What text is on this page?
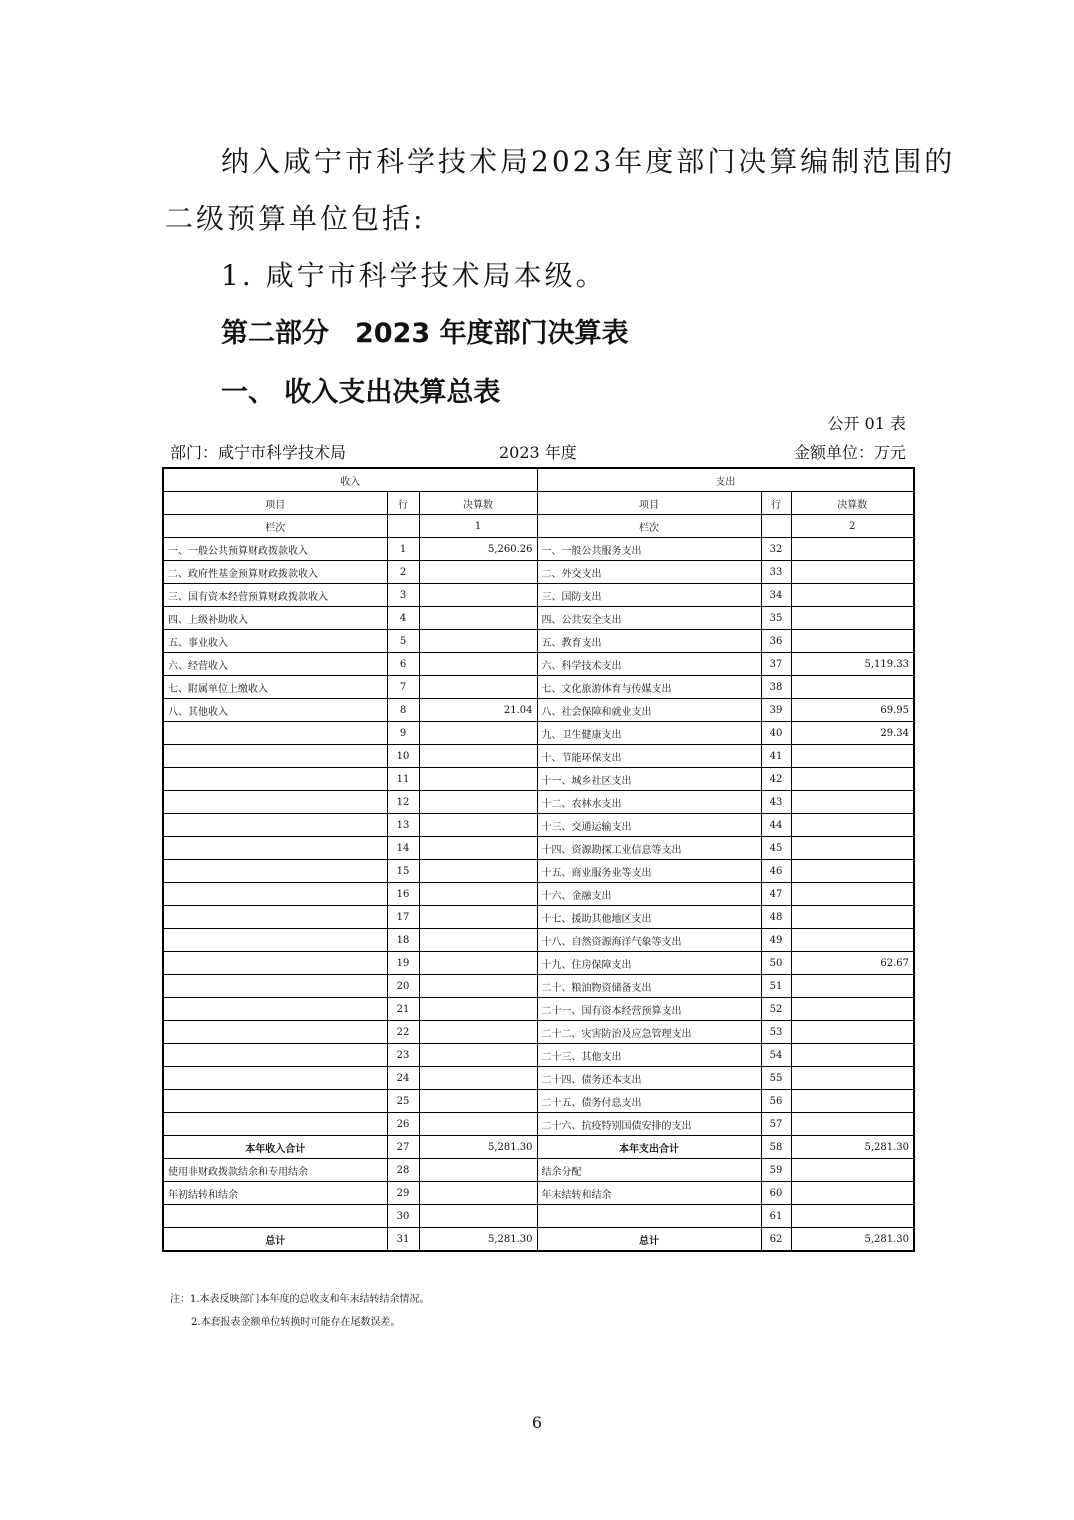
纳入咸宁市科学技术局2023年度部门决算编制范围的
二级预算单位包括:
1. 咸宁市科学技术局本级。
第二部分 2023 年度部门决算表
一、 收入支出决算总表
公开 01 表
部门：咸宁市科学技术局	2023 年度	金额单位：万元
收入			支出		
项目	行	决算数	项目	行	决算数
栏次		1	栏次		2
一、一般公共预算财政拨款收入	1	5,260.26	一、一般公共服务支出	32	
二、政府性基金预算财政拨款收入	2		二、外交支出	33	
三、国有资本经营预算财政拨款收入	3		三、国防支出	34	
四、上级补助收入	4		四、公共安全支出	35	
五、事业收入	5		五、教育支出	36	
六、经营收入	6		六、科学技术支出	37	5,119.33
七、附属单位上缴收入	7		七、文化旅游体育与传媒支出	38	
八、其他收入	8	21.04	八、社会保障和就业支出	39	69.95
	9		九、卫生健康支出	40	29.34
	10		十、节能环保支出	41	
	11		十一、城乡社区支出	42	
	12		十二、农林水支出	43	
	13		十三、交通运输支出	44	
	14		十四、资源勘探工业信息等支出	45	
	15		十五、商业服务业等支出	46	
	16		十六、金融支出	47	
	17		十七、援助其他地区支出	48	
	18		十八、自然资源海洋气象等支出	49	
	19		十九、住房保障支出	50	62.67
	20		二十、粮油物资储备支出	51	
	21		二十一、国有资本经营预算支出	52	
	22		二十二、灾害防治及应急管理支出	53	
	23		二十三、其他支出	54	
	24		二十四、债务还本支出	55	
	25		二十五、债务付息支出	56	
	26		二十六、抗疫特别国债安排的支出	57	
本年收入合计	27	5,281.30	本年支出合计	58	5,281.30
使用非财政拨款结余和专用结余	28		结余分配	59	
年初结转和结余	29		年末结转和结余	60	
	30			61	
总计	31	5,281.30	总计	62	5,281.30
注：1.本表反映部门本年度的总收支和年末结转结余情况。
2.本套报表金额单位转换时可能存在尾数误差。
6
